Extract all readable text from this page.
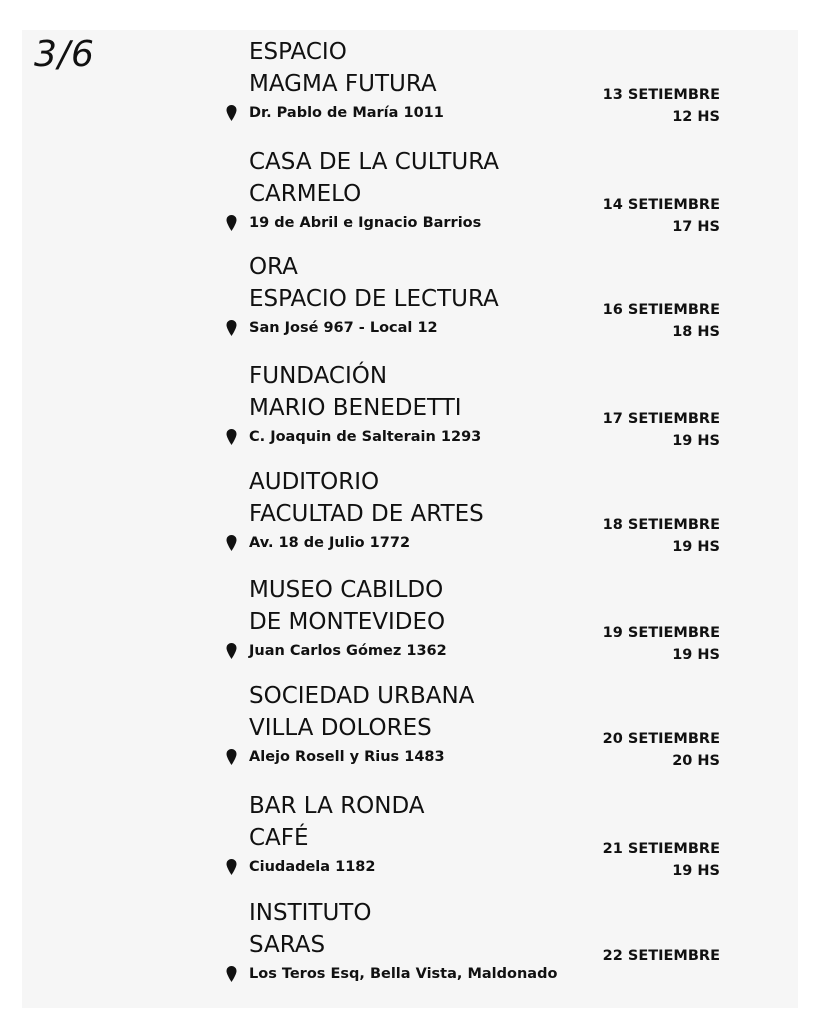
3/6	ESPACIO
MAGMA FUTURA
Dr. Pablo de María 1011
13 SETIEMBRE
12 HS
CASA DE LA CULTURA
CARMELO
19 de Abril e Ignacio Barrios
14 SETIEMBRE
17 HS
ORA
ESPACIO DE LECTURA
San José 967 - Local 12
16 SETIEMBRE
18 HS
FUNDACIÓN
MARIO BENEDETTI
C. Joaquin de Salterain 1293
17 SETIEMBRE
19 HS
AUDITORIO
FACULTAD DE ARTES
Av. 18 de Julio 1772
18 SETIEMBRE
19 HS
MUSEO CABILDO
DE MONTEVIDEO
Juan Carlos Gómez 1362
19 SETIEMBRE
19 HS
SOCIEDAD URBANA
VILLA DOLORES
Alejo Rosell y Rius 1483
20 SETIEMBRE
20 HS
BAR LA RONDA
CAFÉ
Ciudadela 1182
21 SETIEMBRE
19 HS
INSTITUTO
SARAS
Los Teros Esq, Bella Vista, Maldonado
22 SETIEMBRE
